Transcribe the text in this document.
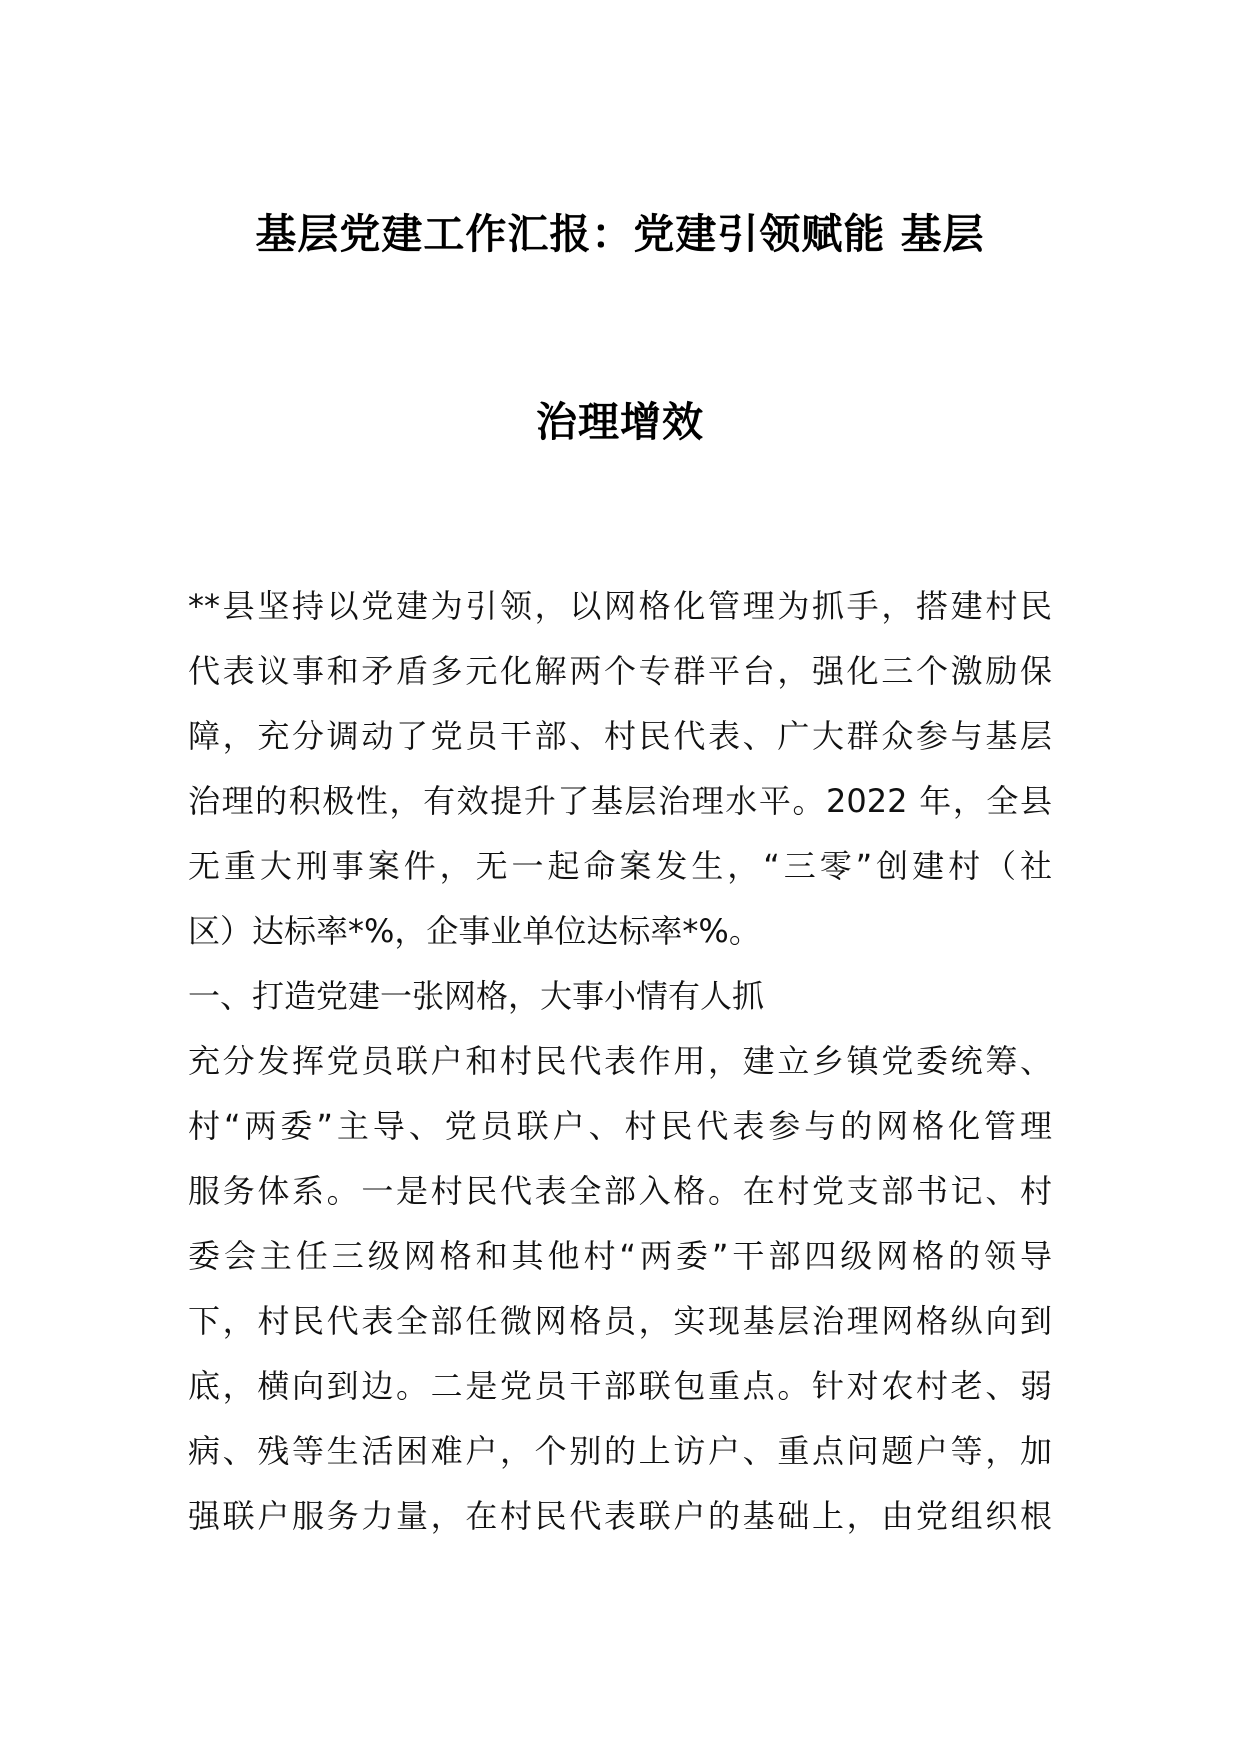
基层党建工作汇报：党建引领赋能 基层
治理增效
**县坚持以党建为引领，以网格化管理为抓手，搭建村民
代表议事和矛盾多元化解两个专群平台，强化三个激励保
障，充分调动了党员干部、村民代表、广大群众参与基层
治理的积极性，有效提升了基层治理水平。2022 年，全县
无重大刑事案件，无一起命案发生，“三零”创建村（社
区）达标率*%，企事业单位达标率*%。
一、打造党建一张网格，大事小情有人抓
充分发挥党员联户和村民代表作用，建立乡镇党委统筹、
村“两委”主导、党员联户、村民代表参与的网格化管理
服务体系。一是村民代表全部入格。在村党支部书记、村
委会主任三级网格和其他村“两委”干部四级网格的领导
下，村民代表全部任微网格员，实现基层治理网格纵向到
底，横向到边。二是党员干部联包重点。针对农村老、弱
病、残等生活困难户，个别的上访户、重点问题户等，加
强联户服务力量，在村民代表联户的基础上，由党组织根
